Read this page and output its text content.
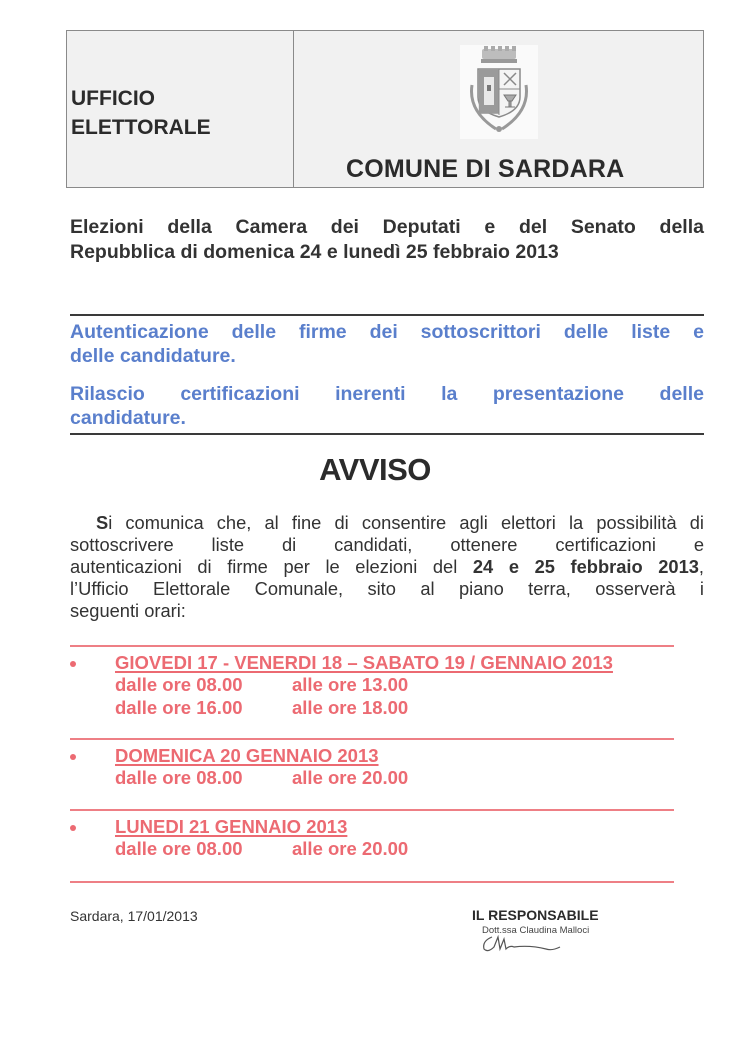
UFFICIO
ELETTORALE
COMUNE DI SARDARA
Elezioni della Camera dei Deputati e del Senato della
Repubblica di domenica 24 e lunedì 25 febbraio 2013
Autenticazione delle firme dei sottoscrittori delle liste e
delle candidature.
Rilascio certificazioni inerenti la presentazione delle
candidature.
AVVISO
Si comunica che, al fine di consentire agli elettori la possibilità di
sottoscrivere liste di candidati, ottenere certificazioni e
autenticazioni di firme per le elezioni del 24 e 25 febbraio 2013,
l’Ufficio Elettorale Comunale, sito al piano terra, osserverà i
seguenti orari:
GIOVEDI 17 - VENERDI 18 – SABATO 19 / GENNAIO 2013
dalle ore 08.00	alle ore 13.00
dalle ore 16.00	alle ore 18.00
DOMENICA 20 GENNAIO 2013
dalle ore 08.00	alle ore 20.00
LUNEDI 21 GENNAIO 2013
dalle ore 08.00	alle ore 20.00
Sardara, 17/01/2013	IL RESPONSABILE
Dott.ssa Claudina Malloci
